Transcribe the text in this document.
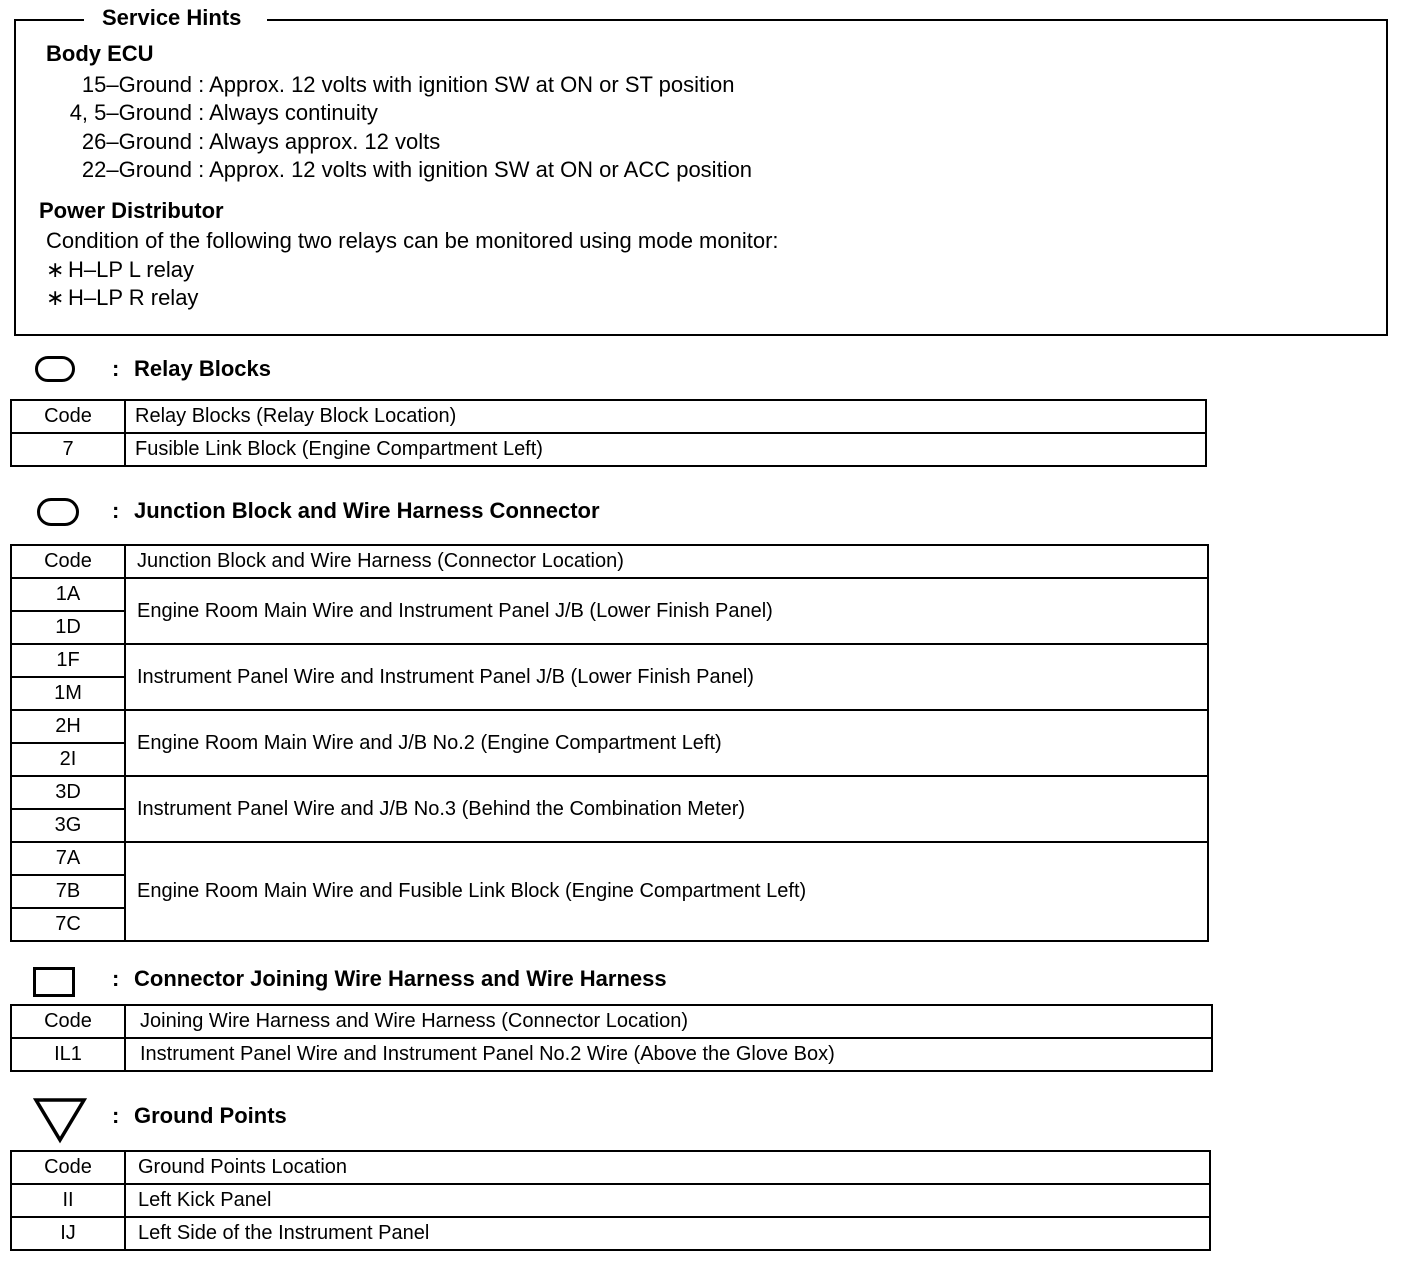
Service Hints
Body ECU
15–Ground : Approx. 12 volts with ignition SW at ON or ST position
4, 5–Ground : Always continuity
26–Ground : Always approx. 12 volts
22–Ground : Approx. 12 volts with ignition SW at ON or ACC position
Power Distributor
Condition of the following two relays can be monitored using mode monitor:
∗ H–LP L relay
∗ H–LP R relay
: Relay Blocks
Code	Relay Blocks (Relay Block Location)
7	Fusible Link Block (Engine Compartment Left)
: Junction Block and Wire Harness Connector
Code	Junction Block and Wire Harness (Connector Location)
1A	Engine Room Main Wire and Instrument Panel J/B (Lower Finish Panel)
1D	
1F	Instrument Panel Wire and Instrument Panel J/B (Lower Finish Panel)
1M	
2H	Engine Room Main Wire and J/B No.2 (Engine Compartment Left)
2I	
3D	Instrument Panel Wire and J/B No.3 (Behind the Combination Meter)
3G	
7A	Engine Room Main Wire and Fusible Link Block (Engine Compartment Left)
7B	
7C	
: Connector Joining Wire Harness and Wire Harness
Code	Joining Wire Harness and Wire Harness (Connector Location)
IL1	Instrument Panel Wire and Instrument Panel No.2 Wire (Above the Glove Box)
: Ground Points
Code	Ground Points Location
II	Left Kick Panel
IJ	Left Side of the Instrument Panel
